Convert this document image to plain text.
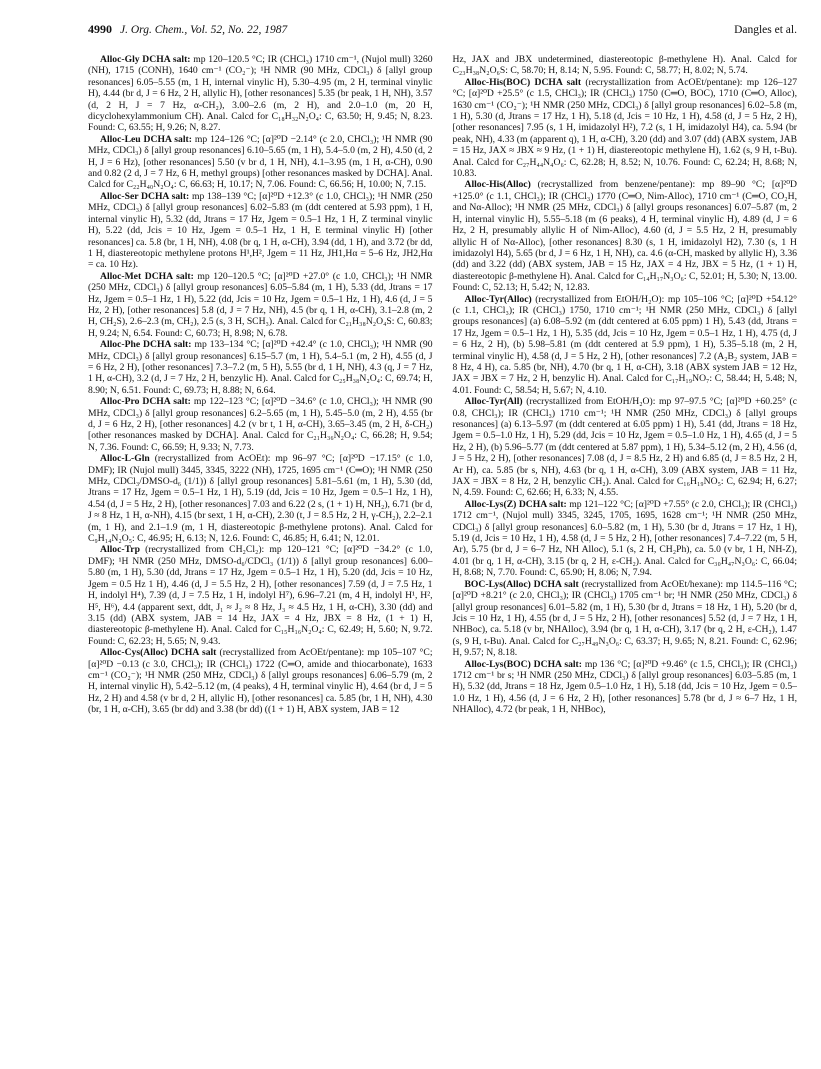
4990 J. Org. Chem., Vol. 52, No. 22, 1987	Dangles et al.

Alloc-Gly DCHA salt: mp 120–120.5 °C; IR (CHCl₃) 1710 cm⁻¹, (Nujol mull) 3260 (NH), 1715 (CONH), 1640 cm⁻¹ (CO₂⁻); ¹H NMR (90 MHz, CDCl₃) δ [allyl group resonances] 6.05–5.55 (m, 1 H, internal vinylic H), 5.30–4.95 (m, 2 H, terminal vinylic H), 4.44 (br d, J = 6 Hz, 2 H, allylic H), [other resonances] 5.35 (br peak, 1 H, NH), 3.57 (d, 2 H, J = 7 Hz, α-CH₂), 3.00–2.6 (m, 2 H), and 2.0–1.0 (m, 20 H, dicyclohexylammonium CH). Anal. Calcd for C₁₈H₃₂N₂O₄: C, 63.50; H, 9.45; N, 8.23. Found: C, 63.55; H, 9.26; N, 8.27.

Alloc-Leu DCHA salt: mp 124–126 °C; [α]²⁰D −2.14° (c 2.0, CHCl₃); ¹H NMR (90 MHz, CDCl₃) δ [allyl group resonances] 6.10–5.65 (m, 1 H), 5.4–5.0 (m, 2 H), 4.50 (d, 2 H, J = 6 Hz), [other resonances] 5.50 (v br d, 1 H, NH), 4.1–3.95 (m, 1 H, α-CH), 0.90 and 0.82 (2 d, J = 7 Hz, 6 H, methyl groups) [other resonances masked by DCHA]. Anal. Calcd for C₂₂H₄₀N₂O₄: C, 66.63; H, 10.17; N, 7.06. Found: C, 66.56; H, 10.00; N, 7.15.

Alloc-Ser DCHA salt: mp 138–139 °C; [α]²⁰D +12.3° (c 1.0, CHCl₃); ¹H NMR (250 MHz, CDCl₃) δ [allyl group resonances] 6.02–5.83 (m (ddt centered at 5.93 ppm), 1 H, internal vinylic H), 5.32 (dd, Jtrans = 17 Hz, Jgem = 0.5–1 Hz, 1 H, Z terminal vinylic H), 5.22 (dd, Jcis = 10 Hz, Jgem = 0.5–1 Hz, 1 H, E terminal vinylic H) [other resonances] ca. 5.8 (br, 1 H, NH), 4.08 (br q, 1 H, α-CH), 3.94 (dd, 1 H), and 3.72 (br dd, 1 H, diastereotopic methylene protons H¹,H², Jgem = 11 Hz, JH1,Hα = 5–6 Hz, JH2,Hα = ca. 10 Hz).

Alloc-Met DCHA salt: mp 120–120.5 °C; [α]²⁰D +27.0° (c 1.0, CHCl₃); ¹H NMR (250 MHz, CDCl₃) δ [allyl group resonances] 6.05–5.84 (m, 1 H), 5.33 (dd, Jtrans = 17 Hz, Jgem = 0.5–1 Hz, 1 H), 5.22 (dd, Jcis = 10 Hz, Jgem = 0.5–1 Hz, 1 H), 4.6 (d, J = 5 Hz, 2 H), [other resonances] 5.8 (d, J = 7 Hz, NH), 4.5 (br q, 1 H, α-CH), 3.1–2.8 (m, 2 H, CH₂S), 2.6–2.3 (m, CH₂), 2.5 (s, 3 H, SCH₃). Anal. Calcd for C₂₁H₃₈N₂O₄S: C, 60.83; H, 9.24; N, 6.54. Found: C, 60.73; H, 8.98; N, 6.78.

Alloc-Phe DCHA salt: mp 133–134 °C; [α]²⁰D +42.4° (c 1.0, CHCl₃); ¹H NMR (90 MHz, CDCl₃) δ [allyl group resonances] 6.15–5.7 (m, 1 H), 5.4–5.1 (m, 2 H), 4.55 (d, J = 6 Hz, 2 H), [other resonances] 7.3–7.2 (m, 5 H), 5.55 (br d, 1 H, NH), 4.3 (q, J = 7 Hz, 1 H, α-CH), 3.2 (d, J = 7 Hz, 2 H, benzylic H). Anal. Calcd for C₂₅H₃₈N₂O₄: C, 69.74; H, 8.90; N, 6.51. Found: C, 69.73; H, 8.88; N, 6.64.

Alloc-Pro DCHA salt: mp 122–123 °C; [α]²⁰D −34.6° (c 1.0, CHCl₃); ¹H NMR (90 MHz, CDCl₃) δ [allyl group resonances] 6.2–5.65 (m, 1 H), 5.45–5.0 (m, 2 H), 4.55 (br d, J = 6 Hz, 2 H), [other resonances] 4.2 (v br t, 1 H, α-CH), 3.65–3.45 (m, 2 H, δ-CH₂) [other resonances masked by DCHA]. Anal. Calcd for C₂₁H₃₆N₂O₄: C, 66.28; H, 9.54; N, 7.36. Found: C, 66.59; H, 9.33; N, 7.73.

Alloc-L-Gln (recrystallized from AcOEt): mp 96–97 °C; [α]²⁰D −17.15° (c 1.0, DMF); IR (Nujol mull) 3445, 3345, 3222 (NH), 1725, 1695 cm⁻¹ (C═O); ¹H NMR (250 MHz, CDCl₃/DMSO-d₆ (1/1)) δ [allyl group resonances] 5.81–5.61 (m, 1 H), 5.30 (dd, Jtrans = 17 Hz, Jgem = 0.5–1 Hz, 1 H), 5.19 (dd, Jcis = 10 Hz, Jgem = 0.5–1 Hz, 1 H), 4.54 (d, J = 5 Hz, 2 H), [other resonances] 7.03 and 6.22 (2 s, (1 + 1) H, NH₂), 6.71 (br d, J ≈ 8 Hz, 1 H, α-NH), 4.15 (br sext, 1 H, α-CH), 2.30 (t, J = 8.5 Hz, 2 H, γ-CH₂), 2.2–2.1 (m, 1 H), and 2.1–1.9 (m, 1 H, diastereotopic β-methylene protons). Anal. Calcd for C₉H₁₄N₂O₅: C, 46.95; H, 6.13; N, 12.6. Found: C, 46.85; H, 6.41; N, 12.01.

Alloc-Trp (recrystallized from CH₂Cl₂): mp 120–121 °C; [α]²⁰D −34.2° (c 1.0, DMF); ¹H NMR (250 MHz, DMSO-d₆/CDCl₃ (1/1)) δ [allyl group resonances] 6.00–5.80 (m, 1 H), 5.30 (dd, Jtrans = 17 Hz, Jgem = 0.5–1 Hz, 1 H), 5.20 (dd, Jcis = 10 Hz, Jgem = 0.5 Hz 1 H), 4.46 (d, J = 5.5 Hz, 2 H), [other resonances] 7.59 (d, J = 7.5 Hz, 1 H, indolyl H⁴), 7.39 (d, J = 7.5 Hz, 1 H, indolyl H⁷), 6.96–7.21 (m, 4 H, indolyl H¹, H², H⁵, H⁶), 4.4 (apparent sext, ddt, J₁ ≈ J₂ ≈ 8 Hz, J₃ ≈ 4.5 Hz, 1 H, α-CH), 3.30 (dd) and 3.15 (dd) (ABX system, JAB = 14 Hz, JAX = 4 Hz, JBX = 8 Hz, (1 + 1) H, diastereotopic β-methylene H). Anal. Calcd for C₁₅H₁₆N₂O₄: C, 62.49; H, 5.60; N, 9.72. Found: C, 62.23; H, 5.65; N, 9.43.

Alloc-Cys(Alloc) DCHA salt (recrystallized from AcOEt/pentane): mp 105–107 °C; [α]²⁰D −0.13 (c 3.0, CHCl₃); IR (CHCl₃) 1722 (C═O, amide and thiocarbonate), 1633 cm⁻¹ (CO₂⁻); ¹H NMR (250 MHz, CDCl₃) δ [allyl groups resonances] 6.06–5.79 (m, 2 H, internal vinylic H), 5.42–5.12 (m, (4 peaks), 4 H, terminal vinylic H), 4.64 (br d, J = 5 Hz, 2 H) and 4.58 (v br d, 2 H, allylic H), [other resonances] ca. 5.85 (br, 1 H, NH), 4.30 (br, 1 H, α-CH), 3.65 (br dd) and 3.38 (br dd) ((1 + 1) H, ABX system, JAB = 12

Hz, JAX and JBX undetermined, diastereotopic β-methylene H). Anal. Calcd for C₂₃H₃₈N₂O₆S: C, 58.70; H, 8.14; N, 5.95. Found: C, 58.77; H, 8.02; N, 5.74.

Alloc-His(BOC) DCHA salt (recrystallization from AcOEt/pentane): mp 126–127 °C; [α]²⁰D +25.5° (c 1.5, CHCl₃); IR (CHCl₃) 1750 (C═O, BOC), 1710 (C═O, Alloc), 1630 cm⁻¹ (CO₂⁻); ¹H NMR (250 MHz, CDCl₃) δ [allyl group resonances] 6.02–5.8 (m, 1 H), 5.30 (d, Jtrans = 17 Hz, 1 H), 5.18 (d, Jcis = 10 Hz, 1 H), 4.58 (d, J = 5 Hz, 2 H), [other resonances] 7.95 (s, 1 H, imidazolyl H²), 7.2 (s, 1 H, imidazolyl H4), ca. 5.94 (br peak, NH), 4.33 (m (apparent q), 1 H, α-CH), 3.20 (dd) and 3.07 (dd) (ABX system, JAB = 15 Hz, JAX ≈ JBX ≈ 9 Hz, (1 + 1) H, diastereotopic methylene H), 1.62 (s, 9 H, t-Bu). Anal. Calcd for C₂₇H₄₄N₄O₆: C, 62.28; H, 8.52; N, 10.76. Found: C, 62.24; H, 8.68; N, 10.83.

Alloc-His(Alloc) (recrystallized from benzene/pentane): mp 89–90 °C; [α]²⁰D +125.0° (c 1.1, CHCl₃); IR (CHCl₃) 1770 (C═O, Nim-Alloc), 1710 cm⁻¹ (C═O, CO₂H, and Nα-Alloc); ¹H NMR (25 MHz, CDCl₃) δ [allyl groups resonances] 6.07–5.87 (m, 2 H, internal vinylic H), 5.55–5.18 (m (6 peaks), 4 H, terminal vinylic H), 4.89 (d, J = 6 Hz, 2 H, presumably allylic H of Nim-Alloc), 4.60 (d, J = 5.5 Hz, 2 H, presumably allylic H of Nα-Alloc), [other resonances] 8.30 (s, 1 H, imidazolyl H2), 7.30 (s, 1 H imidazolyl H4), 5.65 (br d, J = 6 Hz, 1 H, NH), ca. 4.6 (α-CH, masked by allylic H), 3.36 (dd) and 3.22 (dd) (ABX system, JAB = 15 Hz, JAX = 4 Hz, JBX = 5 Hz, (1 + 1) H, diastereotopic β-methylene H). Anal. Calcd for C₁₄H₁₇N₃O₆: C, 52.01; H, 5.30; N, 13.00. Found: C, 52.13; H, 5.42; N, 12.83.

Alloc-Tyr(Alloc) (recrystallized from EtOH/H₂O): mp 105–106 °C; [α]²⁰D +54.12° (c 1.1, CHCl₃); IR (CHCl₃) 1750, 1710 cm⁻¹; ¹H NMR (250 MHz, CDCl₃) δ [allyl groups resonances] (a) 6.08–5.92 (m (ddt centered at 6.05 ppm) 1 H), 5.43 (dd, Jtrans = 17 Hz, Jgem = 0.5–1 Hz, 1 H), 5.35 (dd, Jcis = 10 Hz, Jgem = 0.5–1 Hz, 1 H), 4.75 (d, J = 6 Hz, 2 H), (b) 5.98–5.81 (m (ddt centered at 5.9 ppm), 1 H), 5.35–5.18 (m, 2 H, terminal vinylic H), 4.58 (d, J = 5 Hz, 2 H), [other resonances] 7.2 (A₂B₂ system, JAB = 8 Hz, 4 H), ca. 5.85 (br, NH), 4.70 (br q, 1 H, α-CH), 3.18 (ABX system JAB = 12 Hz, JAX = JBX = 7 Hz, 2 H, benzylic H). Anal. Calcd for C₁₇H₁₉NO₇: C, 58.44; H, 5.48; N, 4.01. Found: C, 58.54; H, 5.67; N, 4.10.

Alloc-Tyr(All) (recrystallized from EtOH/H₂O): mp 97–97.5 °C; [α]²⁰D +60.25° (c 0.8, CHCl₃); IR (CHCl₃) 1710 cm⁻¹; ¹H NMR (250 MHz, CDCl₃) δ [allyl groups resonances] (a) 6.13–5.97 (m (ddt centered at 6.05 ppm) 1 H), 5.41 (dd, Jtrans = 18 Hz, Jgem = 0.5–1.0 Hz, 1 H), 5.29 (dd, Jcis = 10 Hz, Jgem = 0.5–1.0 Hz, 1 H), 4.65 (d, J = 5 Hz, 2 H), (b) 5.96–5.77 (m (ddt centered at 5.87 ppm), 1 H), 5.34–5.12 (m, 2 H), 4.56 (d, J = 5 Hz, 2 H), [other resonances] 7.08 (d, J = 8.5 Hz, 2 H) and 6.85 (d, J = 8.5 Hz, 2 H, Ar H), ca. 5.85 (br s, NH), 4.63 (br q, 1 H, α-CH), 3.09 (ABX system, JAB = 11 Hz, JAX = JBX = 8 Hz, 2 H, benzylic CH₂). Anal. Calcd for C₁₆H₁₉NO₅: C, 62.94; H, 6.27; N, 4.59. Found: C, 62.66; H, 6.33; N, 4.55.

Alloc-Lys(Z) DCHA salt: mp 121–122 °C; [α]²⁰D +7.55° (c 2.0, CHCl₃); IR (CHCl₃) 1712 cm⁻¹, (Nujol mull) 3345, 3245, 1705, 1695, 1628 cm⁻¹; ¹H NMR (250 MHz, CDCl₃) δ [allyl group resonances] 6.0–5.82 (m, 1 H), 5.30 (br d, Jtrans = 17 Hz, 1 H), 5.19 (d, Jcis = 10 Hz, 1 H), 4.58 (d, J = 5 Hz, 2 H), [other resonances] 7.4–7.22 (m, 5 H, Ar), 5.75 (br d, J = 6–7 Hz, NH Alloc), 5.1 (s, 2 H, CH₂Ph), ca. 5.0 (v br, 1 H, NH-Z), 4.01 (br q, 1 H, α-CH), 3.15 (br q, 2 H, ε-CH₂). Anal. Calcd for C₃₀H₄₇N₃O₆: C, 66.04; H, 8.68; N, 7.70. Found: C, 65.90; H, 8.06; N, 7.94.

BOC-Lys(Alloc) DCHA salt (recrystallized from AcOEt/hexane): mp 114.5–116 °C; [α]²⁰D +8.21° (c 2.0, CHCl₃); IR (CHCl₃) 1705 cm⁻¹ br; ¹H NMR (250 MHz, CDCl₃) δ [allyl group resonances] 6.01–5.82 (m, 1 H), 5.30 (br d, Jtrans = 18 Hz, 1 H), 5.20 (br d, Jcis = 10 Hz, 1 H), 4.55 (br d, J = 5 Hz, 2 H), [other resonances] 5.52 (d, J = 7 Hz, 1 H, NHBoc), ca. 5.18 (v br, NHAlloc), 3.94 (br q, 1 H, α-CH), 3.17 (br q, 2 H, ε-CH₂), 1.47 (s, 9 H, t-Bu). Anal. Calcd for C₂₇H₄₉N₃O₆: C, 63.37; H, 9.65; N, 8.21. Found: C, 62.96; H, 9.57; N, 8.18.

Alloc-Lys(BOC) DCHA salt: mp 136 °C; [α]²⁰D +9.46° (c 1.5, CHCl₃); IR (CHCl₃) 1712 cm⁻¹ br s; ¹H NMR (250 MHz, CDCl₃) δ [allyl group resonances] 6.03–5.85 (m, 1 H), 5.32 (dd, Jtrans = 18 Hz, Jgem 0.5–1.0 Hz, 1 H), 5.18 (dd, Jcis = 10 Hz, Jgem = 0.5–1.0 Hz, 1 H), 4.56 (d, J = 6 Hz, 2 H), [other resonances] 5.78 (br d, J ≈ 6–7 Hz, 1 H, NHAlloc), 4.72 (br peak, 1 H, NHBoc),
